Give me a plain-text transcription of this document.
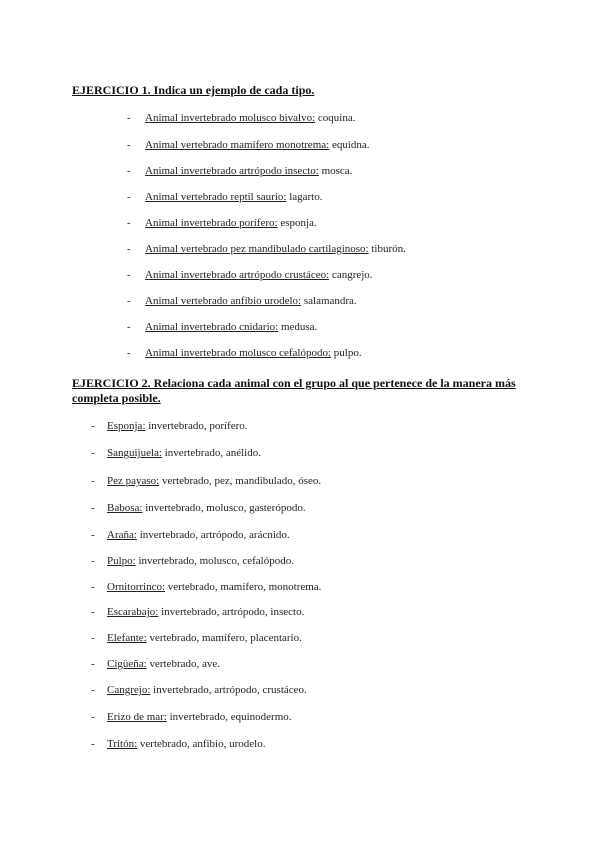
EJERCICIO 1. Indica un ejemplo de cada tipo.
- Animal invertebrado molusco bivalvo: coquina.
- Animal vertebrado mamífero monotrema: equidna.
- Animal invertebrado artrópodo insecto: mosca.
- Animal vertebrado reptil saurio: lagarto.
- Animal invertebrado porífero: esponja.
- Animal vertebrado pez mandibulado cartilaginoso: tiburón.
- Animal invertebrado artrópodo crustáceo: cangrejo.
- Animal vertebrado anfibio urodelo: salamandra.
- Animal invertebrado cnidario: medusa.
- Animal invertebrado molusco cefalópodo: pulpo.
EJERCICIO 2. Relaciona cada animal con el grupo al que pertenece de la manera más
completa posible.
- Esponja: invertebrado, porífero.
- Sanguijuela: invertebrado, anélido.
- Pez payaso: vertebrado, pez, mandibulado, óseo.
- Babosa: invertebrado, molusco, gasterópodo.
- Araña: invertebrado, artrópodo, arácnido.
- Pulpo: invertebrado, molusco, cefalópodo.
- Ornitorrinco: vertebrado, mamífero, monotrema.
- Escarabajo: invertebrado, artrópodo, insecto.
- Elefante: vertebrado, mamífero, placentario.
- Cigüeña: vertebrado, ave.
- Cangrejo: invertebrado, artrópodo, crustáceo.
- Erizo de mar: invertebrado, equinodermo.
- Tritón: vertebrado, anfibio, urodelo.
